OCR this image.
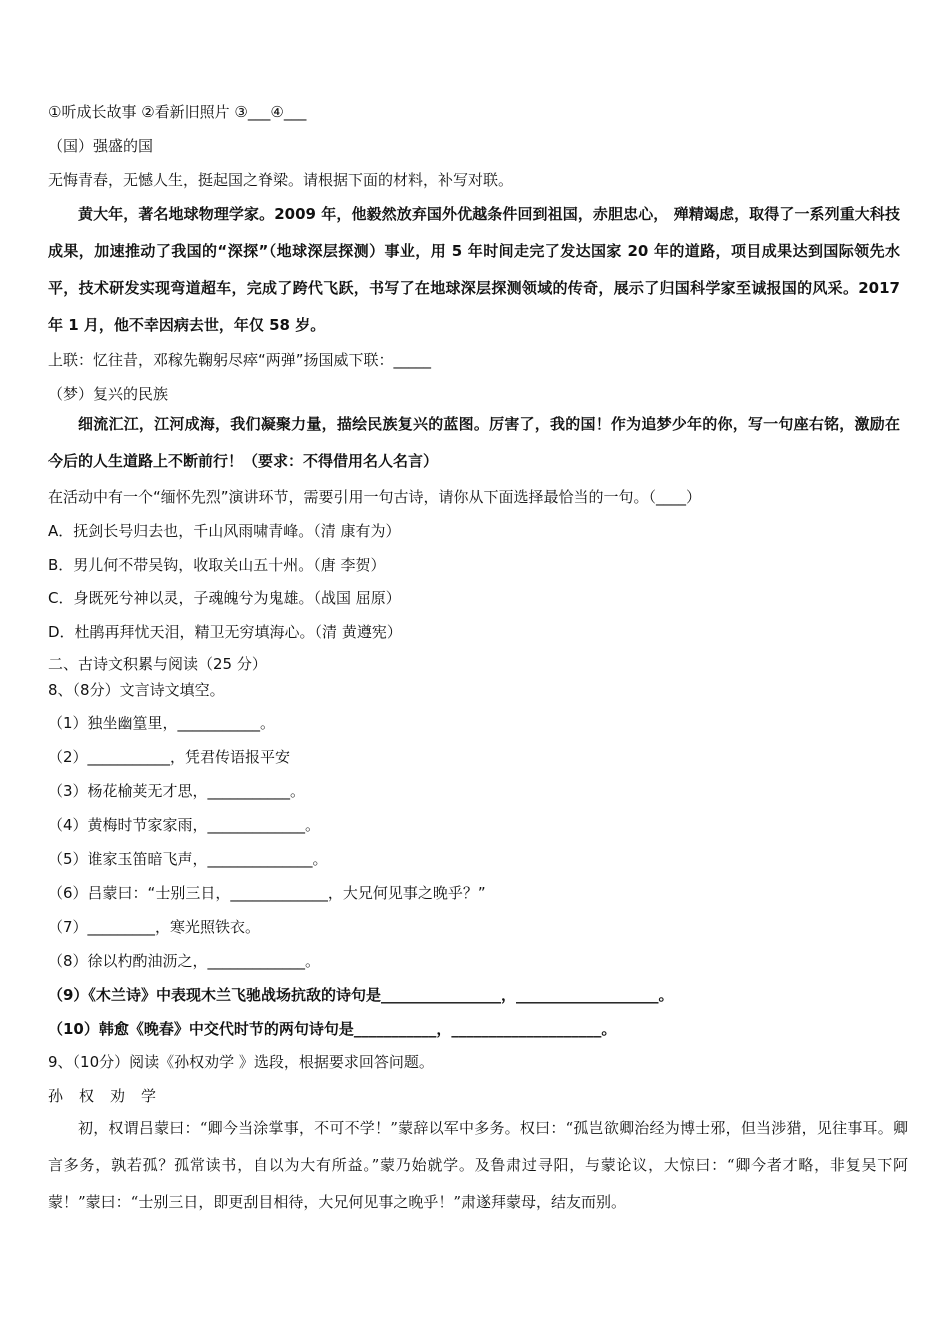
①听成长故事 ②看新旧照片 ③___④___
（国）强盛的国
无悔青春，无憾人生，挺起国之脊梁。请根据下面的材料，补写对联。
黄大年，著名地球物理学家。2009 年，他毅然放弃国外优越条件回到祖国，赤胆忠心， 殚精竭虑，取得了一系列重大科技成果，加速推动了我国的“深探”（地球深层探测）事业，用 5 年时间走完了发达国家 20 年的道路，项目成果达到国际领先水平，技术研发实现弯道超车，完成了跨代飞跃，书写了在地球深层探测领域的传奇，展示了归国科学家至诚报国的风采。2017 年 1 月，他不幸因病去世，年仅 58 岁。
上联：忆往昔，邓稼先鞠躬尽瘁“两弹”扬国威下联：_____
（梦）复兴的民族
细流汇江，江河成海，我们凝聚力量，描绘民族复兴的蓝图。厉害了，我的国！作为追梦少年的你，写一句座右铭，激励在今后的人生道路上不断前行！（要求：不得借用名人名言）
在活动中有一个“缅怀先烈”演讲环节，需要引用一句古诗，请你从下面选择最恰当的一句。（____）
A．抚剑长号归去也，千山风雨啸青峰。（清 康有为）
B．男儿何不带吴钩，收取关山五十州。（唐 李贺）
C．身既死兮神以灵，子魂魄兮为鬼雄。（战国 屈原）
D．杜鹃再拜忧天泪，精卫无穷填海心。（清 黄遵宪）
二、古诗文积累与阅读（25 分）
8、（8分）文言诗文填空。
（1）独坐幽篁里，___________。
（2）___________，凭君传语报平安
（3）杨花榆荚无才思，___________。
（4）黄梅时节家家雨，_____________。
（5）谁家玉笛暗飞声，______________。
（6）吕蒙曰：“士别三日，_____________，大兄何见事之晚乎？”
（7）_________，寒光照铁衣。
（8）徐以杓酌油沥之，_____________。
（9）《木兰诗》中表现木兰飞驰战场抗敌的诗句是________________，___________________。
（10）韩愈《晚春》中交代时节的两句诗句是___________，____________________。
9、（10分）阅读《孙权劝学 》选段，根据要求回答问题。
孙权劝学
初，权谓吕蒙曰：“卿今当涂掌事，不可不学！”蒙辞以军中多务。权曰：“孤岂欲卿治经为博士邪，但当涉猎，见往事耳。卿言多务，孰若孤？孤常读书，自以为大有所益。”蒙乃始就学。及鲁肃过寻阳，与蒙论议，大惊曰：“卿今者才略，非复吴下阿蒙！”蒙曰：“士别三日，即更刮目相待，大兄何见事之晚乎！”肃遂拜蒙母，结友而别。
